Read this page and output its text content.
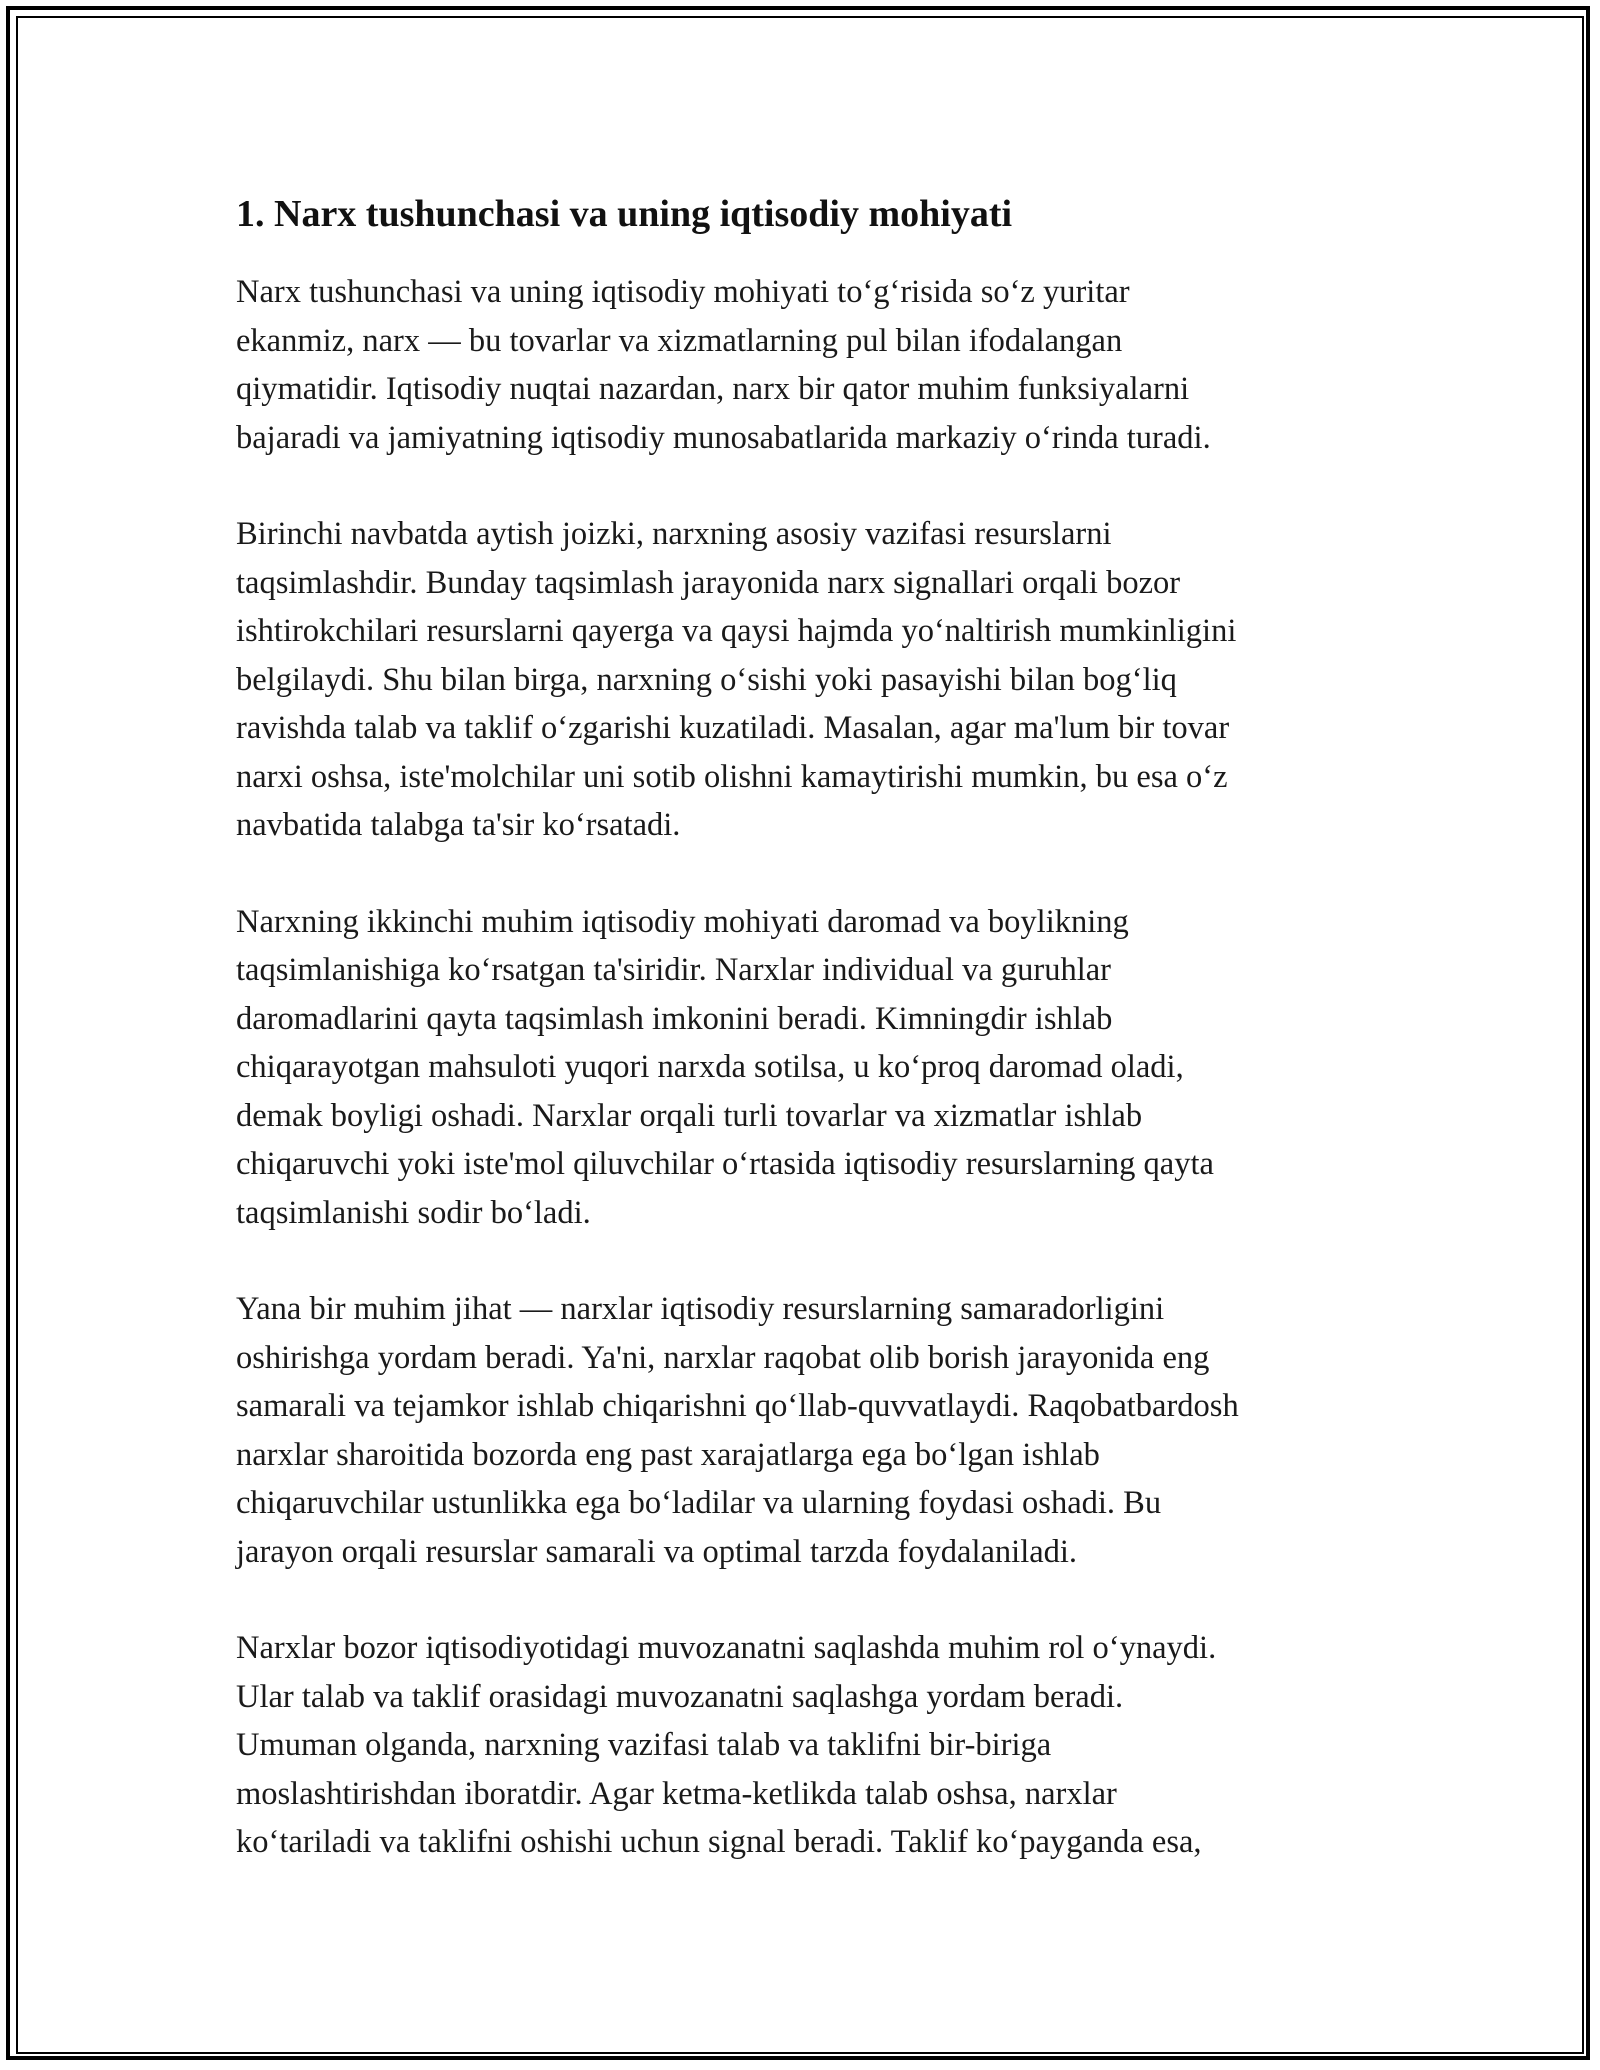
1. Narx tushunchasi va uning iqtisodiy mohiyati

Narx tushunchasi va uning iqtisodiy mohiyati to‘g‘risida so‘z yuritar
ekanmiz, narx — bu tovarlar va xizmatlarning pul bilan ifodalangan
qiymatidir. Iqtisodiy nuqtai nazardan, narx bir qator muhim funksiyalarni
bajaradi va jamiyatning iqtisodiy munosabatlarida markaziy o‘rinda turadi.

Birinchi navbatda aytish joizki, narxning asosiy vazifasi resurslarni
taqsimlashdir. Bunday taqsimlash jarayonida narx signallari orqali bozor
ishtirokchilari resurslarni qayerga va qaysi hajmda yo‘naltirish mumkinligini
belgilaydi. Shu bilan birga, narxning o‘sishi yoki pasayishi bilan bog‘liq
ravishda talab va taklif o‘zgarishi kuzatiladi. Masalan, agar ma'lum bir tovar
narxi oshsa, iste'molchilar uni sotib olishni kamaytirishi mumkin, bu esa o‘z
navbatida talabga ta'sir ko‘rsatadi.

Narxning ikkinchi muhim iqtisodiy mohiyati daromad va boylikning
taqsimlanishiga ko‘rsatgan ta'siridir. Narxlar individual va guruhlar
daromadlarini qayta taqsimlash imkonini beradi. Kimningdir ishlab
chiqarayotgan mahsuloti yuqori narxda sotilsa, u ko‘proq daromad oladi,
demak boyligi oshadi. Narxlar orqali turli tovarlar va xizmatlar ishlab
chiqaruvchi yoki iste'mol qiluvchilar o‘rtasida iqtisodiy resurslarning qayta
taqsimlanishi sodir bo‘ladi.

Yana bir muhim jihat — narxlar iqtisodiy resurslarning samaradorligini
oshirishga yordam beradi. Ya'ni, narxlar raqobat olib borish jarayonida eng
samarali va tejamkor ishlab chiqarishni qo‘llab-quvvatlaydi. Raqobatbardosh
narxlar sharoitida bozorda eng past xarajatlarga ega bo‘lgan ishlab
chiqaruvchilar ustunlikka ega bo‘ladilar va ularning foydasi oshadi. Bu
jarayon orqali resurslar samarali va optimal tarzda foydalaniladi.

Narxlar bozor iqtisodiyotidagi muvozanatni saqlashda muhim rol o‘ynaydi.
Ular talab va taklif orasidagi muvozanatni saqlashga yordam beradi.
Umuman olganda, narxning vazifasi talab va taklifni bir-biriga
moslashtirishdan iboratdir. Agar ketma-ketlikda talab oshsa, narxlar
ko‘tariladi va taklifni oshishi uchun signal beradi. Taklif ko‘payganda esa,
